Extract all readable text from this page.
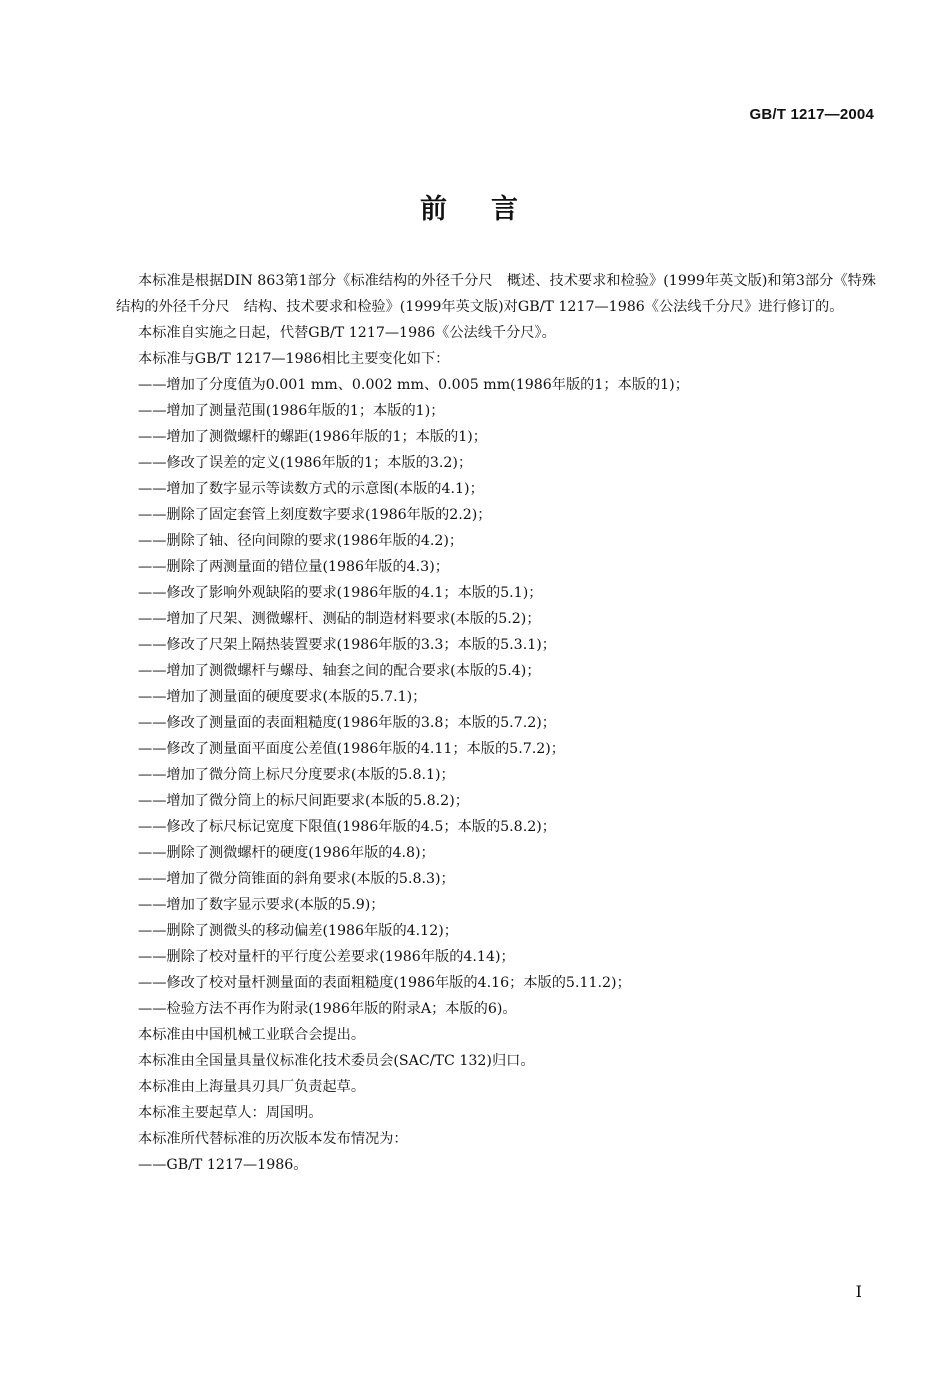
GB/T 1217—2004
前言

本标准是根据DIN 863第1部分《标准结构的外径千分尺　概述、技术要求和检验》(1999年英文版)和第3部分《特殊结构的外径千分尺　结构、技术要求和检验》(1999年英文版)对GB/T 1217—1986《公法线千分尺》进行修订的。

本标准自实施之日起，代替GB/T 1217—1986《公法线千分尺》。

本标准与GB/T 1217—1986相比主要变化如下：

——增加了分度值为0.001 mm、0.002 mm、0.005 mm(1986年版的1；本版的1)；

——增加了测量范围(1986年版的1；本版的1)；

——增加了测微螺杆的螺距(1986年版的1；本版的1)；

——修改了误差的定义(1986年版的1；本版的3.2)；

——增加了数字显示等读数方式的示意图(本版的4.1)；

——删除了固定套管上刻度数字要求(1986年版的2.2)；

——删除了轴、径向间隙的要求(1986年版的4.2)；

——删除了两测量面的错位量(1986年版的4.3)；

——修改了影响外观缺陷的要求(1986年版的4.1；本版的5.1)；

——增加了尺架、测微螺杆、测砧的制造材料要求(本版的5.2)；

——修改了尺架上隔热装置要求(1986年版的3.3；本版的5.3.1)；

——增加了测微螺杆与螺母、轴套之间的配合要求(本版的5.4)；

——增加了测量面的硬度要求(本版的5.7.1)；

——修改了测量面的表面粗糙度(1986年版的3.8；本版的5.7.2)；

——修改了测量面平面度公差值(1986年版的4.11；本版的5.7.2)；

——增加了微分筒上标尺分度要求(本版的5.8.1)；

——增加了微分筒上的标尺间距要求(本版的5.8.2)；

——修改了标尺标记宽度下限值(1986年版的4.5；本版的5.8.2)；

——删除了测微螺杆的硬度(1986年版的4.8)；

——增加了微分筒锥面的斜角要求(本版的5.8.3)；

——增加了数字显示要求(本版的5.9)；

——删除了测微头的移动偏差(1986年版的4.12)；

——删除了校对量杆的平行度公差要求(1986年版的4.14)；

——修改了校对量杆测量面的表面粗糙度(1986年版的4.16；本版的5.11.2)；

——检验方法不再作为附录(1986年版的附录A；本版的6)。

本标准由中国机械工业联合会提出。

本标准由全国量具量仪标准化技术委员会(SAC/TC 132)归口。

本标准由上海量具刃具厂负责起草。

本标准主要起草人：周国明。

本标准所代替标准的历次版本发布情况为：

——GB/T 1217—1986。

I
